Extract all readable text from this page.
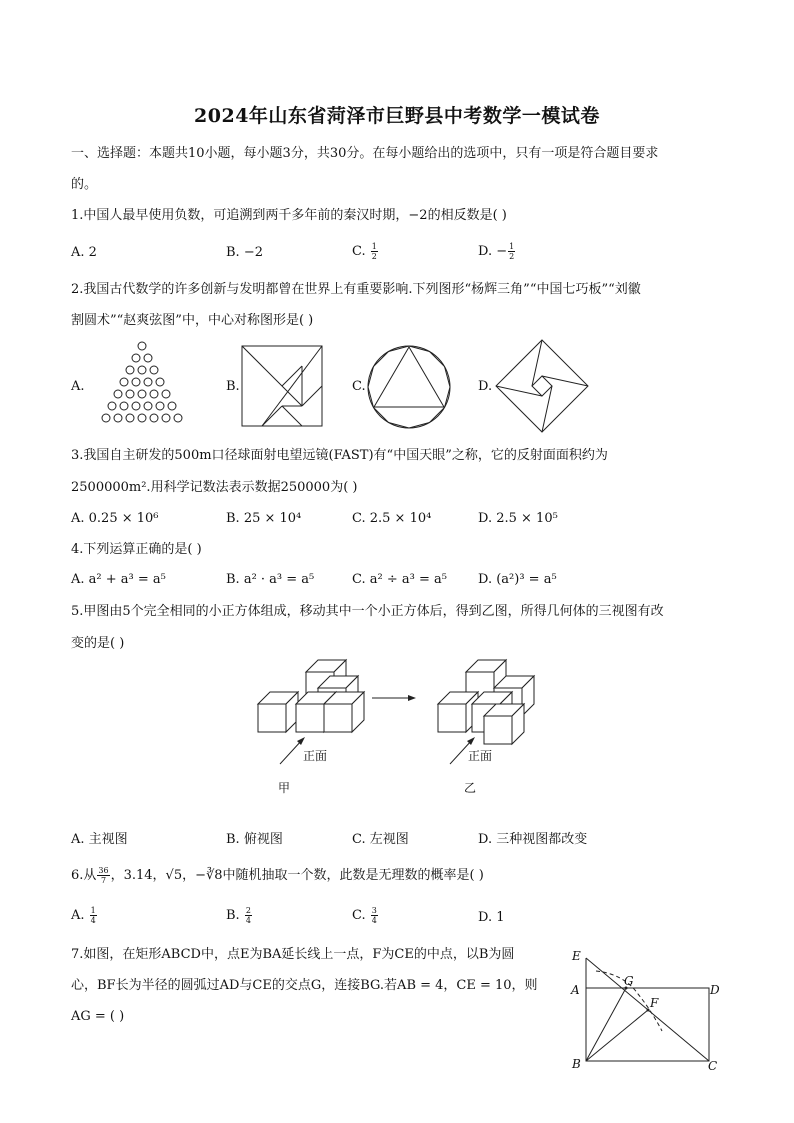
2024年山东省菏泽市巨野县中考数学一模试卷
一、选择题：本题共10小题，每小题3分，共30分。在每小题给出的选项中，只有一项是符合题目要求
的。
1.中国人最早使用负数，可追溯到两千多年前的秦汉时期，−2的相反数是( )
A. 2	B. −2	C. $\frac{1}{2}$	D. − $\frac{1}{2}$
2.我国古代数学的许多创新与发明都曾在世界上有重要影响.下列图形“杨辉三角”“中国七巧板”“刘徽
割圆术”“赵爽弦图”中，中心对称图形是( )
A.	B.	C.	D.
3.我国自主研发的500m口径球面射电望远镜(FAST)有“中国天眼”之称，它的反射面面积约为
2500000m².用科学记数法表示数据250000为( )
A. 0.25 × 10⁶	B. 25 × 10⁴	C. 2.5 × 10⁴	D. 2.5 × 10⁵
4.下列运算正确的是( )
A. a² + a³ = a⁵	B. a² · a³ = a⁵	C. a² ÷ a³ = a⁵ D. (a²)³ = a⁵
5.甲图由5个完全相同的小正方体组成，移动其中一个小正方体后，得到乙图，所得几何体的三视图有改
变的是( )
正面	正面
甲	乙
A. 主视图	B. 俯视图	C. 左视图	D. 三种视图都改变
6.从 $\frac{36}{7}$ ，3.14，√5，−∛8中随机抽取一个数，此数是无理数的概率是( )
A. $\frac{1}{4}$	B. $\frac{2}{4}$	C. $\frac{3}{4}$	D. 1
7.如图，在矩形ABCD中，点E为BA延长线上一点，F为CE的中点，以B为圆
心，BF长为半径的圆弧过AD与CE的交点G，连接BG.若AB = 4，CE = 10，则
AG = ( )
E
A
B	C
D
G
F
